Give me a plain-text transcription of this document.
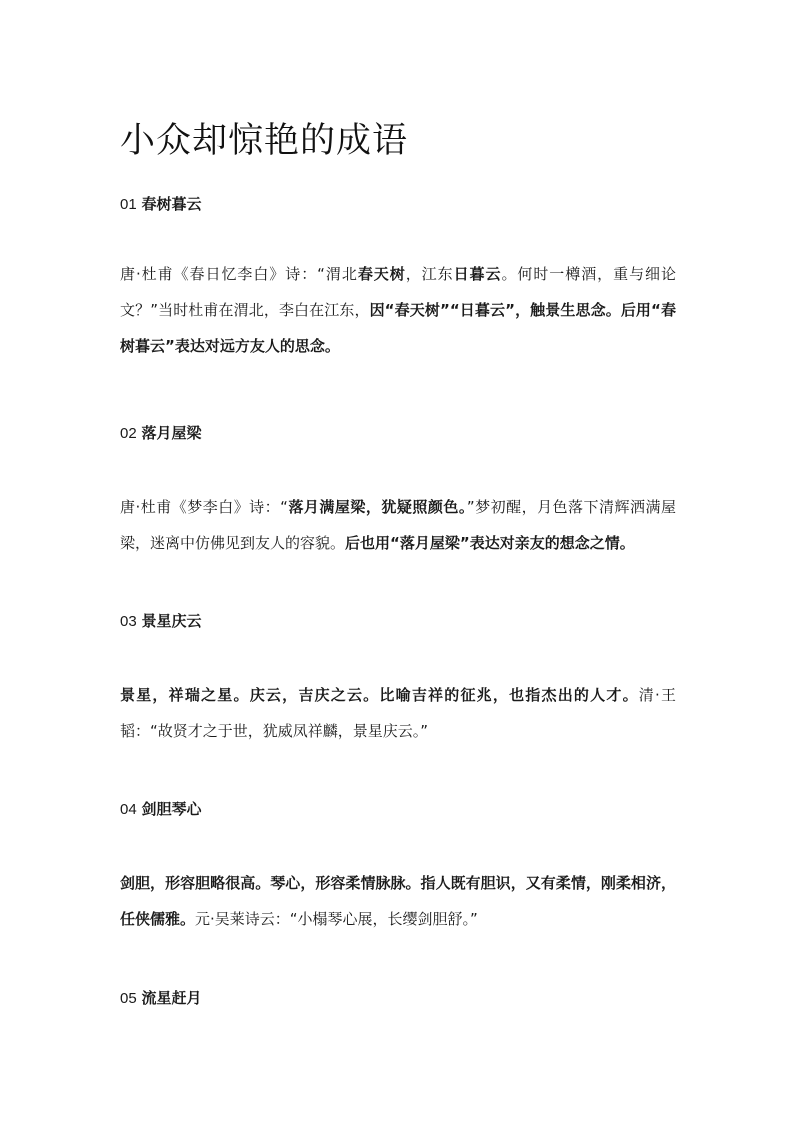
小众却惊艳的成语
01 春树暮云
唐·杜甫《春日忆李白》诗：“渭北春天树，江东日暮云。何时一樽酒，重与细论文？”当时杜甫在渭北，李白在江东，因“春天树”“日暮云”，触景生思念。后用“春树暮云”表达对远方友人的思念。
02 落月屋梁
唐·杜甫《梦李白》诗：“落月满屋梁，犹疑照颜色。”梦初醒，月色落下清辉洒满屋梁，迷离中仿佛见到友人的容貌。后也用“落月屋梁”表达对亲友的想念之情。
03 景星庆云
景星，祥瑞之星。庆云，吉庆之云。比喻吉祥的征兆，也指杰出的人才。清·王韬：“故贤才之于世，犹威凤祥麟，景星庆云。”
04 剑胆琴心
剑胆，形容胆略很高。琴心，形容柔情脉脉。指人既有胆识，又有柔情，刚柔相济，任侠儒雅。元·吴莱诗云：“小榻琴心展，长缨剑胆舒。”
05 流星赶月
